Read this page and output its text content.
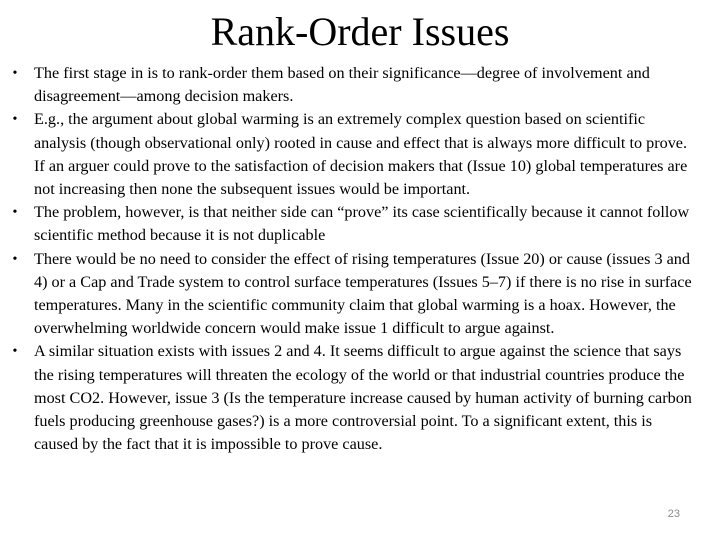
Rank-Order Issues
• The first stage in is to rank-order them based on their significance—degree of involvement and disagreement—among decision makers.
• E.g., the argument about global warming is an extremely complex question based on scientific analysis (though observational only) rooted in cause and effect that is always more difficult to prove. If an arguer could prove to the satisfaction of decision makers that (Issue 10) global temperatures are not increasing then none the subsequent issues would be important.
• The problem, however, is that neither side can “prove” its case scientifically because it cannot follow scientific method because it is not duplicable
• There would be no need to consider the effect of rising temperatures (Issue 20) or cause (issues 3 and 4) or a Cap and Trade system to control surface temperatures (Issues 5–7) if there is no rise in surface temperatures. Many in the scientific community claim that global warming is a hoax. However, the overwhelming worldwide concern would make issue 1 difficult to argue against.
• A similar situation exists with issues 2 and 4. It seems difficult to argue against the science that says the rising temperatures will threaten the ecology of the world or that industrial countries produce the most CO2. However, issue 3 (Is the temperature increase caused by human activity of burning carbon fuels producing greenhouse gases?) is a more controversial point. To a significant extent, this is caused by the fact that it is impossible to prove cause.
23
